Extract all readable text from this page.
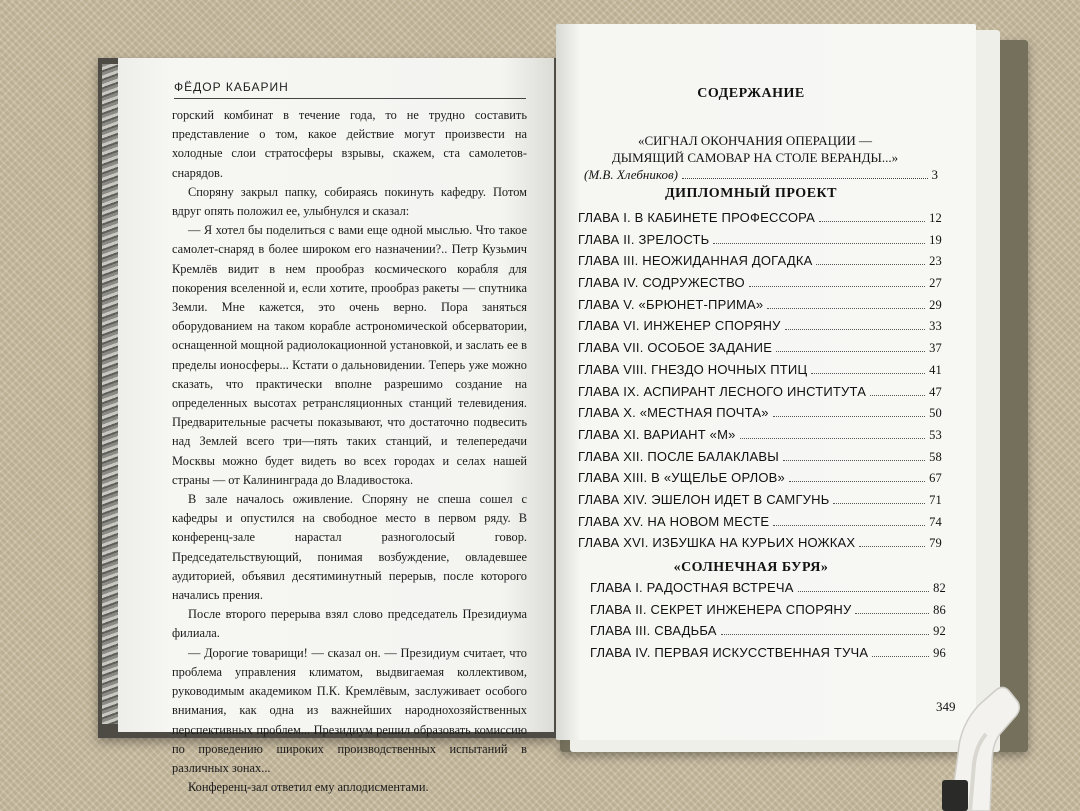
ФЁДОР КАБАРИН

горский комбинат в течение года, то не трудно составить представление о том, какое действие могут произвести на холодные слои стратосферы взрывы, скажем, ста самолетов-снарядов.

Споряну закрыл папку, собираясь покинуть кафедру. Потом вдруг опять положил ее, улыбнулся и сказал:

— Я хотел бы поделиться с вами еще одной мыслью. Что такое самолет-снаряд в более широком его назначении?.. Петр Кузьмич Кремлёв видит в нем прообраз космического корабля для покорения вселенной и, если хотите, прообраз ракеты — спутника Земли. Мне кажется, это очень верно. Пора заняться оборудованием на таком корабле астрономической обсерватории, оснащенной мощной радиолокационной установкой, и заслать ее в пределы ионосферы... Кстати о дальновидении. Теперь уже можно сказать, что практически вполне разрешимо создание на определенных высотах ретрансляционных станций телевидения. Предварительные расчеты показывают, что достаточно подвесить над Землей всего три—пять таких станций, и телепередачи Москвы можно будет видеть во всех городах и селах нашей страны — от Калининграда до Владивостока.

В зале началось оживление. Споряну не спеша сошел с кафедры и опустился на свободное место в первом ряду. В конференц-зале нарастал разноголосый говор. Председательствующий, понимая возбуждение, овладевшее аудиторией, объявил десятиминутный перерыв, после которого начались прения.

После второго перерыва взял слово председатель Президиума филиала.

— Дорогие товарищи! — сказал он. — Президиум считает, что проблема управления климатом, выдвигаемая коллективом, руководимым академиком П.К. Кремлёвым, заслуживает особого внимания, как одна из важнейших народнохозяйственных перспективных проблем... Президиум решил образовать комиссию по проведению широких производственных испытаний в различных зонах...

Конференц-зал ответил ему аплодисментами.

СОДЕРЖАНИЕ
«СИГНАЛ ОКОНЧАНИЯ ОПЕРАЦИИ —
ДЫМЯЩИЙ САМОВАР НА СТОЛЕ ВЕРАНДЫ...»
(М.В. Хлебников)	3
ДИПЛОМНЫЙ ПРОЕКТ
ГЛАВА I. В КАБИНЕТЕ ПРОФЕССОРА	12
ГЛАВА II. ЗРЕЛОСТЬ	19
ГЛАВА III. НЕОЖИДАННАЯ ДОГАДКА	23
ГЛАВА IV. СОДРУЖЕСТВО	27
ГЛАВА V. «БРЮНЕТ-ПРИМА»	29
ГЛАВА VI. ИНЖЕНЕР СПОРЯНУ	33
ГЛАВА VII. ОСОБОЕ ЗАДАНИЕ	37
ГЛАВА VIII. ГНЕЗДО НОЧНЫХ ПТИЦ	41
ГЛАВА IX. АСПИРАНТ ЛЕСНОГО ИНСТИТУТА	47
ГЛАВА X. «МЕСТНАЯ ПОЧТА»	50
ГЛАВА XI. ВАРИАНТ «М»	53
ГЛАВА XII. ПОСЛЕ БАЛАКЛАВЫ	58
ГЛАВА XIII. В «УЩЕЛЬЕ ОРЛОВ»	67
ГЛАВА XIV. ЭШЕЛОН ИДЕТ В САМГУНЬ	71
ГЛАВА XV. НА НОВОМ МЕСТЕ	74
ГЛАВА XVI. ИЗБУШКА НА КУРЬИХ НОЖКАХ	79
«СОЛНЕЧНАЯ БУРЯ»
ГЛАВА I. РАДОСТНАЯ ВСТРЕЧА	82
ГЛАВА II. СЕКРЕТ ИНЖЕНЕРА СПОРЯНУ	86
ГЛАВА III. СВАДЬБА	92
ГЛАВА IV. ПЕРВАЯ ИСКУССТВЕННАЯ ТУЧА	96
349
